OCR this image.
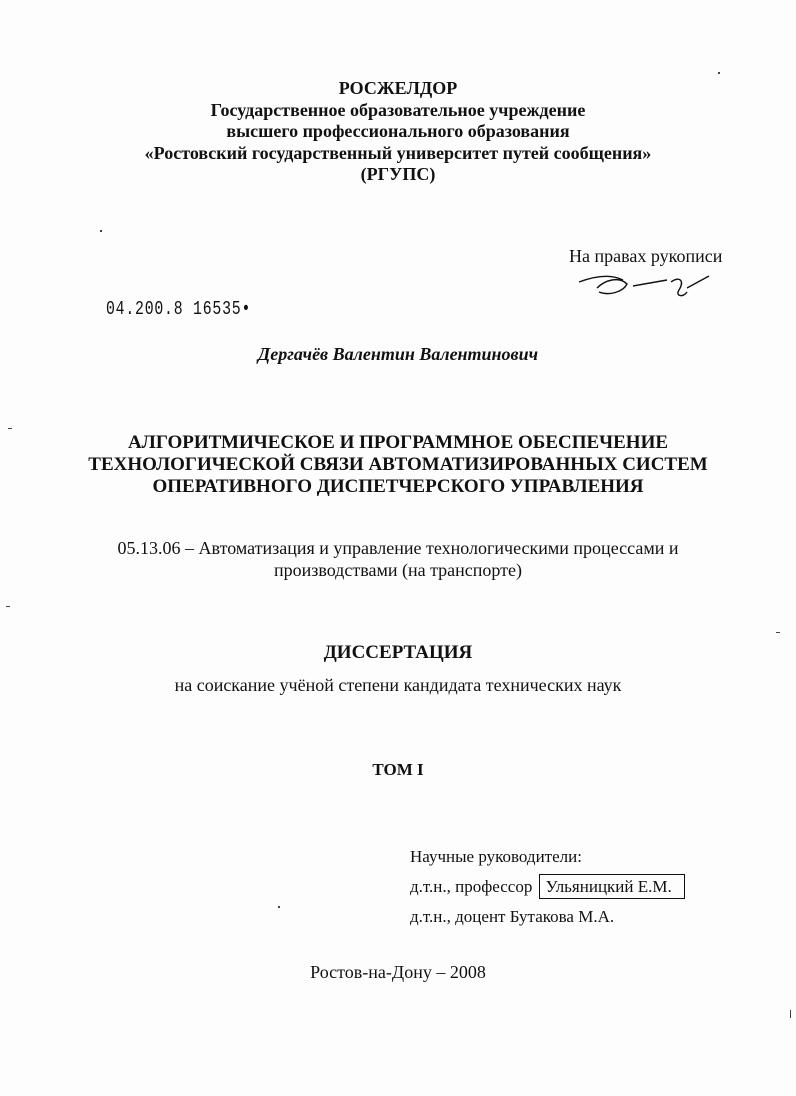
РОСЖЕЛДОР
Государственное образовательное учреждение
высшего профессионального образования
«Ростовский государственный университет путей сообщения»
(РГУПС)
На правах рукописи
04.200.8 16535•
Дергачёв Валентин Валентинович
АЛГОРИТМИЧЕСКОЕ И ПРОГРАММНОЕ ОБЕСПЕЧЕНИЕ
ТЕХНОЛОГИЧЕСКОЙ СВЯЗИ АВТОМАТИЗИРОВАННЫХ СИСТЕМ
ОПЕРАТИВНОГО ДИСПЕТЧЕРСКОГО УПРАВЛЕНИЯ
05.13.06 – Автоматизация и управление технологическими процессами и
производствами (на транспорте)
ДИССЕРТАЦИЯ
на соискание учёной степени кандидата технических наук
ТОМ I
Научные руководители:
д.т.н., профессор Ульяницкий Е.М.
д.т.н., доцент Бутакова М.А.
Ростов-на-Дону – 2008
